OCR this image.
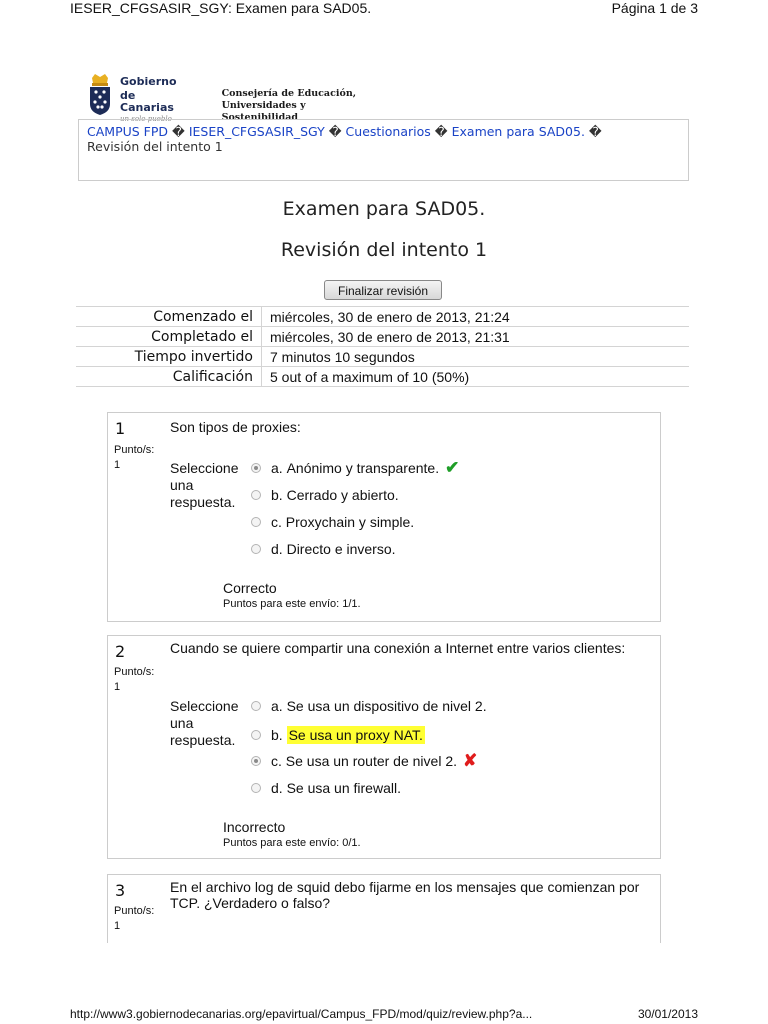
IESER_CFGSASIR_SGY: Examen para SAD05.	Página 1 de 3
Gobierno
de Canarias
un solo pueblo
Consejería de Educación,
Universidades y Sostenibilidad
CAMPUS FPD � IESER_CFGSASIR_SGY � Cuestionarios � Examen para SAD05. �
Revisión del intento 1
Examen para SAD05.
Revisión del intento 1
Finalizar revisión
Comenzado el	miércoles, 30 de enero de 2013, 21:24
Completado el	miércoles, 30 de enero de 2013, 21:31
Tiempo invertido	7 minutos 10 segundos
Calificación	5 out of a maximum of 10 (50%)
1
Punto/s:
1
Son tipos de proxies:
Seleccione
una
respuesta.
a.
Anónimo y transparente. ✔
b.
Cerrado y abierto.
c.
Proxychain y simple.
d.
Directo e inverso.
Correcto
Puntos para este envío: 1/1.
2
Punto/s:
1
Cuando se quiere compartir una conexión a Internet entre varios clientes:
Seleccione
una
respuesta.
a.
Se usa un dispositivo de nivel 2.
b.
Se usa un proxy NAT.
c.
Se usa un router de nivel 2. ✘
d.
Se usa un firewall.
Incorrecto
Puntos para este envío: 0/1.
3
Punto/s:
1
En el archivo log de squid debo fijarme en los mensajes que comienzan por TCP. ¿Verdadero o falso?
http://www3.gobiernodecanarias.org/epavirtual/Campus_FPD/mod/quiz/review.php?a...	30/01/2013
